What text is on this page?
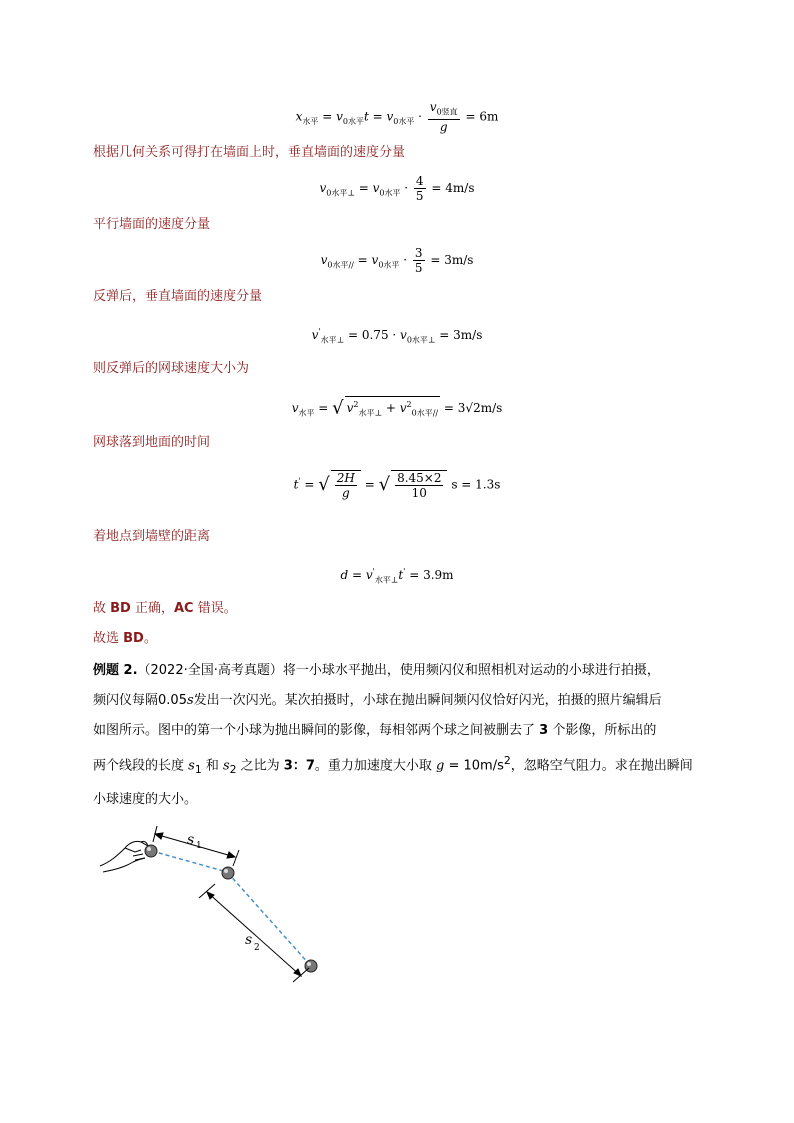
$x_{水平} = v_{0水平}t = v_{0水平} \cdot \frac{v_{0竖直}}{g} = 6m$
根据几何关系可得打在墙面上时，垂直墙面的速度分量
$v_{0水平\perp} = v_{0水平} \cdot \frac{4}{5} = 4m/s$
平行墙面的速度分量
$v_{0水平//} = v_{0水平} \cdot \frac{3}{5} = 3m/s$
反弹后，垂直墙面的速度分量
$v'_{水平\perp} = 0.75 \cdot v_{0水平\perp} = 3m/s$
则反弹后的网球速度大小为
$v_{水平}$ = √ $v^2_{水平\perp} + v^2_{0水平//} = 3√2m/s$
网球落到地面的时间
t' = √ $\frac{2H}{g}$ = √ $\frac{8.45\times 2}{10}$ s = 1.3s
着地点到墙壁的距离
$d = v'_{水平\perp}t' = 3.9m$
故 BD 正确，AC 错误。
故选 BD。
例题 2.（2022·全国·高考真题）将一小球水平抛出，使用频闪仪和照相机对运动的小球进行拍摄，
频闪仪每隔0.05s发出一次闪光。某次拍摄时，小球在抛出瞬间频闪仪恰好闪光，拍摄的照片编辑后
如图所示。图中的第一个小球为抛出瞬间的影像，每相邻两个球之间被删去了 3 个影像，所标出的
两个线段的长度 $s_1$ 和 $s_2$ 之比为 3：7。重力加速度大小取 $g = 10m/s^2$，忽略空气阻力。求在抛出瞬间
小球速度的大小。
s 1
s 2
